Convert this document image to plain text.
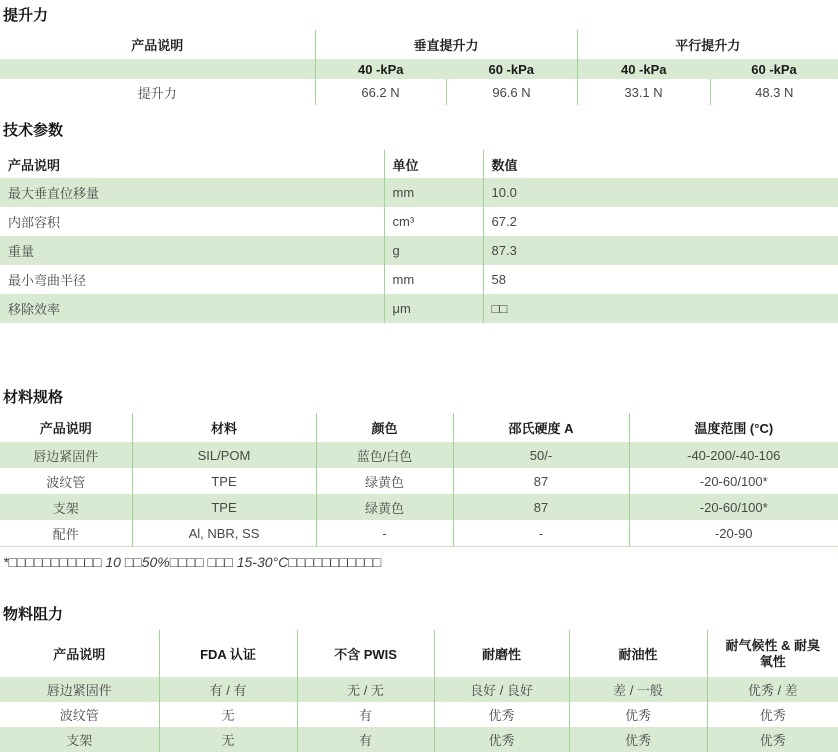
提升力
产品说明	垂直提升力		平行提升力	
	40 -kPa	60 -kPa	40 -kPa	60 -kPa
提升力	66.2 N	96.6 N	33.1 N	48.3 N
技术参数
产品说明	单位	数值
最大垂直位移量	mm	10.0
内部容积	cm³	67.2
重量	g	87.3
最小弯曲半径	mm	58
移除效率	μm	□□
材料规格
产品说明	材料	颜色	邵氏硬度 A	温度范围 (°C)
唇边紧固件	SIL/POM	蓝色/白色	50/-	-40-200/-40-106
波纹管	TPE	绿黄色	87	-20-60/100*
支架	TPE	绿黄色	87	-20-60/100*
配件	Al, NBR, SS	-	-	-20-90
*□□□□□□□□□□□ 10 □□50%□□□□ □□□ 15-30°C□□□□□□□□□□□
物料阻力
产品说明	FDA 认证	不含 PWIS	耐磨性	耐油性	耐气候性 & 耐臭氧性
唇边紧固件	有 / 有	无 / 无	良好 / 良好	差 / 一般	优秀 / 差
波纹管	无	有	优秀	优秀	优秀
支架	无	有	优秀	优秀	优秀
